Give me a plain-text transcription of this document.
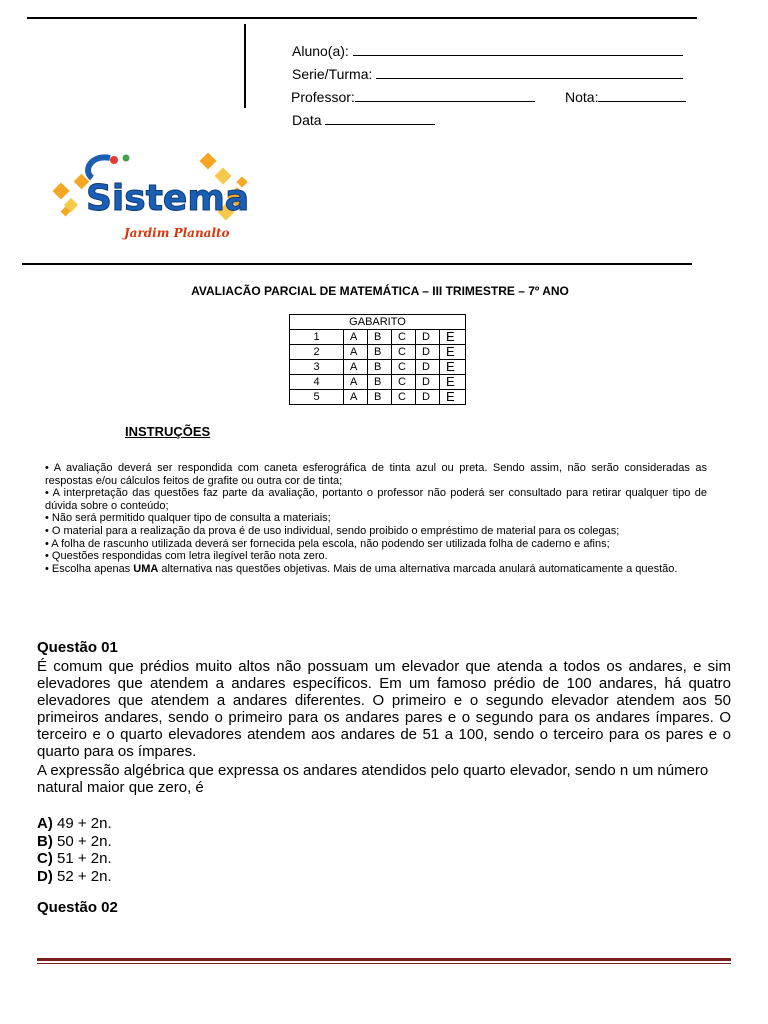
Aluno(a):
Serie/Turma:
Professor:	Nota:
Data
Sistema
Jardim Planalto
AVALIACÃO PARCIAL DE MATEMÁTICA – III TRIMESTRE – 7º ANO
GABARITO					
1	A	B	C	D	E
2	A	B	C	D	E
3	A	B	C	D	E
4	A	B	C	D	E
5	A	B	C	D	E
INSTRUÇÕES

• A avaliação deverá ser respondida com caneta esferográfica de tinta azul ou preta. Sendo assim, não serão consideradas as respostas e/ou cálculos feitos de grafite ou outra cor de tinta;

• A interpretação das questões faz parte da avaliação, portanto o professor não poderá ser consultado para retirar qualquer tipo de dúvida sobre o conteúdo;

• Não será permitido qualquer tipo de consulta a materiais;

• O material para a realização da prova é de uso individual, sendo proibido o empréstimo de material para os colegas;

• A folha de rascunho utilizada deverá ser fornecida pela escola, não podendo ser utilizada folha de caderno e afins;

• Questões respondidas com letra ilegível terão nota zero.

• Escolha apenas UMA alternativa nas questões objetivas. Mais de uma alternativa marcada anulará automaticamente a questão.

Questão 01

É comum que prédios muito altos não possuam um elevador que atenda a todos os andares, e sim elevadores que atendem a andares específicos. Em um famoso prédio de 100 andares, há quatro elevadores que atendem a andares diferentes. O primeiro e o segundo elevador atendem aos 50 primeiros andares, sendo o primeiro para os andares pares e o segundo para os andares ímpares. O terceiro e o quarto elevadores atendem aos andares de 51 a 100, sendo o terceiro para os pares e o quarto para os ímpares.

A expressão algébrica que expressa os andares atendidos pelo quarto elevador, sendo n um número natural maior que zero, é

A) 49 + 2n.
B) 50 + 2n.
C) 51 + 2n.
D) 52 + 2n.
Questão 02
